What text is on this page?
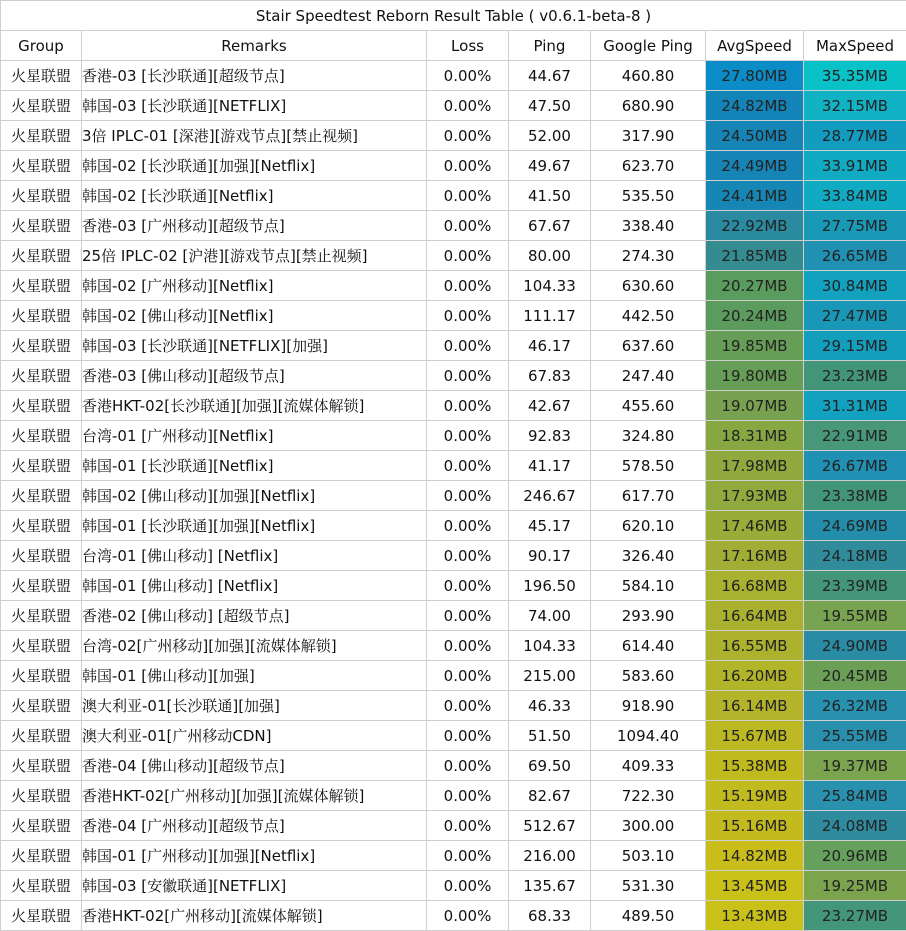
Stair Speedtest Reborn Result Table ( v0.6.1-beta-8 )						
Group	Remarks	Loss	Ping	Google Ping	AvgSpeed	MaxSpeed
火星联盟	香港-03 [长沙联通][超级节点]	0.00%	44.67	460.80	27.80MB	35.35MB
火星联盟	韩国-03 [长沙联通][NETFLIX]	0.00%	47.50	680.90	24.82MB	32.15MB
火星联盟	3倍 IPLC-01 [深港][游戏节点][禁止视频]	0.00%	52.00	317.90	24.50MB	28.77MB
火星联盟	韩国-02 [长沙联通][加强][Netflix]	0.00%	49.67	623.70	24.49MB	33.91MB
火星联盟	韩国-02 [长沙联通][Netflix]	0.00%	41.50	535.50	24.41MB	33.84MB
火星联盟	香港-03 [广州移动][超级节点]	0.00%	67.67	338.40	22.92MB	27.75MB
火星联盟	25倍 IPLC-02 [沪港][游戏节点][禁止视频]	0.00%	80.00	274.30	21.85MB	26.65MB
火星联盟	韩国-02 [广州移动][Netflix]	0.00%	104.33	630.60	20.27MB	30.84MB
火星联盟	韩国-02 [佛山移动][Netflix]	0.00%	111.17	442.50	20.24MB	27.47MB
火星联盟	韩国-03 [长沙联通][NETFLIX][加强]	0.00%	46.17	637.60	19.85MB	29.15MB
火星联盟	香港-03 [佛山移动][超级节点]	0.00%	67.83	247.40	19.80MB	23.23MB
火星联盟	香港HKT-02[长沙联通][加强][流媒体解锁]	0.00%	42.67	455.60	19.07MB	31.31MB
火星联盟	台湾-01 [广州移动][Netflix]	0.00%	92.83	324.80	18.31MB	22.91MB
火星联盟	韩国-01 [长沙联通][Netflix]	0.00%	41.17	578.50	17.98MB	26.67MB
火星联盟	韩国-02 [佛山移动][加强][Netflix]	0.00%	246.67	617.70	17.93MB	23.38MB
火星联盟	韩国-01 [长沙联通][加强][Netflix]	0.00%	45.17	620.10	17.46MB	24.69MB
火星联盟	台湾-01 [佛山移动] [Netflix]	0.00%	90.17	326.40	17.16MB	24.18MB
火星联盟	韩国-01 [佛山移动] [Netflix]	0.00%	196.50	584.10	16.68MB	23.39MB
火星联盟	香港-02 [佛山移动] [超级节点]	0.00%	74.00	293.90	16.64MB	19.55MB
火星联盟	台湾-02[广州移动][加强][流媒体解锁]	0.00%	104.33	614.40	16.55MB	24.90MB
火星联盟	韩国-01 [佛山移动][加强]	0.00%	215.00	583.60	16.20MB	20.45MB
火星联盟	澳大利亚-01[长沙联通][加强]	0.00%	46.33	918.90	16.14MB	26.32MB
火星联盟	澳大利亚-01[广州移动CDN]	0.00%	51.50	1094.40	15.67MB	25.55MB
火星联盟	香港-04 [佛山移动][超级节点]	0.00%	69.50	409.33	15.38MB	19.37MB
火星联盟	香港HKT-02[广州移动][加强][流媒体解锁]	0.00%	82.67	722.30	15.19MB	25.84MB
火星联盟	香港-04 [广州移动][超级节点]	0.00%	512.67	300.00	15.16MB	24.08MB
火星联盟	韩国-01 [广州移动][加强][Netflix]	0.00%	216.00	503.10	14.82MB	20.96MB
火星联盟	韩国-03 [安徽联通][NETFLIX]	0.00%	135.67	531.30	13.45MB	19.25MB
火星联盟	香港HKT-02[广州移动][流媒体解锁]	0.00%	68.33	489.50	13.43MB	23.27MB
